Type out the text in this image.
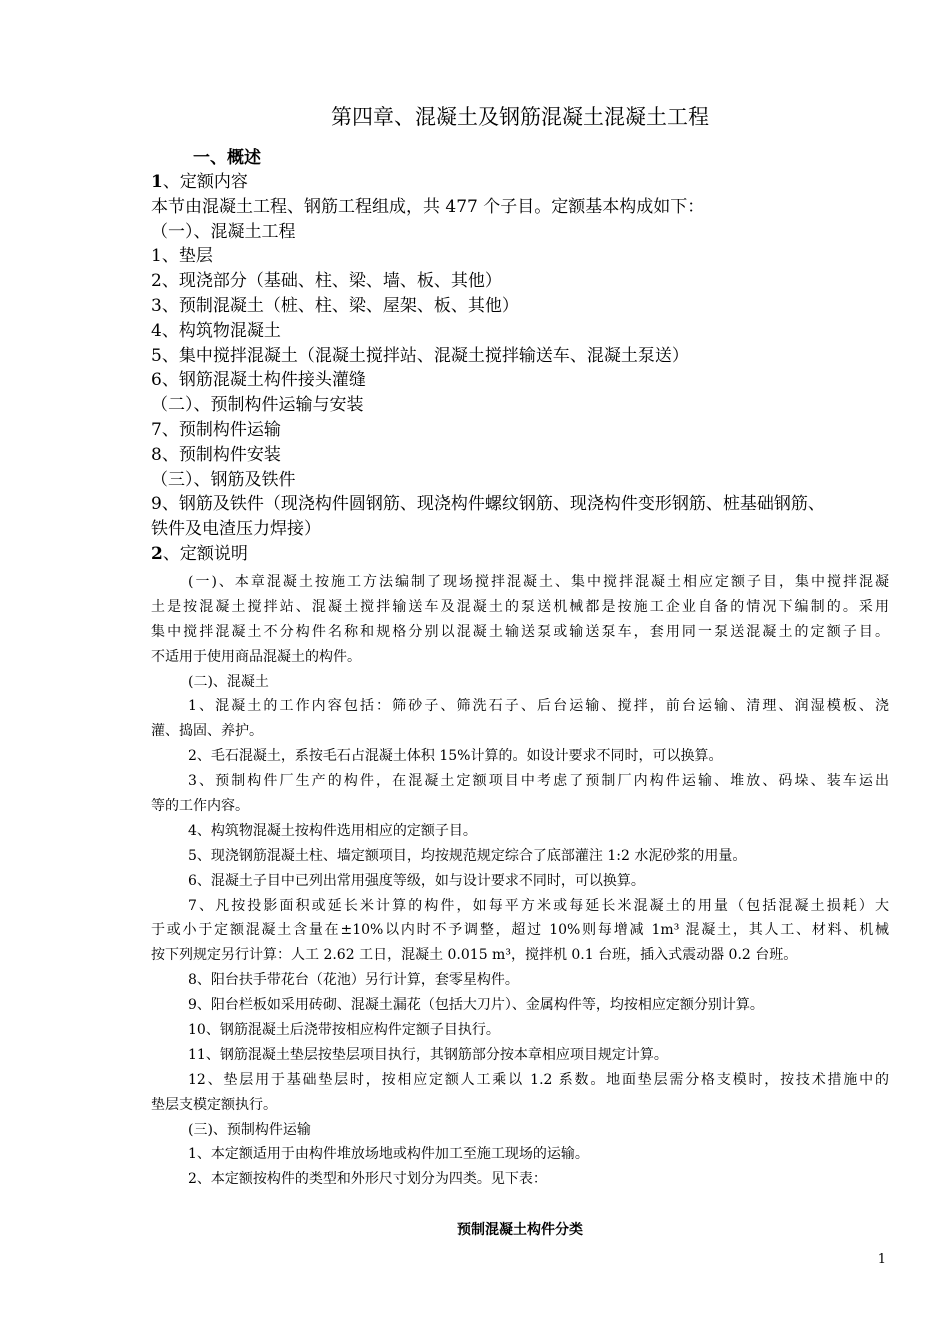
第四章、混凝土及钢筋混凝土混凝土工程
一、概述
1、定额内容
本节由混凝土工程、钢筋工程组成，共 477 个子目。定额基本构成如下：
（一）、混凝土工程
1、垫层
2、现浇部分（基础、柱、梁、墙、板、其他）
3、预制混凝土（桩、柱、梁、屋架、板、其他）
4、构筑物混凝土
5、集中搅拌混凝土（混凝土搅拌站、混凝土搅拌输送车、混凝土泵送）
6、钢筋混凝土构件接头灌缝
（二）、预制构件运输与安装
7、预制构件运输
8、预制构件安装
（三）、钢筋及铁件
9、钢筋及铁件（现浇构件圆钢筋、现浇构件螺纹钢筋、现浇构件变形钢筋、桩基础钢筋、
铁件及电渣压力焊接）
2、定额说明
(一)、本章混凝土按施工方法编制了现场搅拌混凝土、集中搅拌混凝土相应定额子目，集中搅拌混凝
土是按混凝土搅拌站、混凝土搅拌输送车及混凝土的泵送机械都是按施工企业自备的情况下编制的。采用
集中搅拌混凝土不分构件名称和规格分别以混凝土输送泵或输送泵车，套用同一泵送混凝土的定额子目。
不适用于使用商品混凝土的构件。
(二)、混凝土
1、混凝土的工作内容包括：筛砂子、筛洗石子、后台运输、搅拌，前台运输、清理、润湿模板、浇
灌、捣固、养护。
2、毛石混凝土，系按毛石占混凝土体积 15%计算的。如设计要求不同时，可以换算。
3、预制构件厂生产的构件，在混凝土定额项目中考虑了预制厂内构件运输、堆放、码垛、装车运出
等的工作内容。
4、构筑物混凝土按构件选用相应的定额子目。
5、现浇钢筋混凝土柱、墙定额项目，均按规范规定综合了底部灌注 1:2 水泥砂浆的用量。
6、混凝土子目中已列出常用强度等级，如与设计要求不同时，可以换算。
7、凡按投影面积或延长米计算的构件，如每平方米或每延长米混凝土的用量（包括混凝土损耗）大
于或小于定额混凝土含量在±10%以内时不予调整，超过 10%则每增减 1m³ 混凝土，其人工、材料、机械
按下列规定另行计算：人工 2.62 工日，混凝土 0.015 m³，搅拌机 0.1 台班，插入式震动器 0.2 台班。
8、阳台扶手带花台（花池）另行计算，套零星构件。
9、阳台栏板如采用砖砌、混凝土漏花（包括大刀片）、金属构件等，均按相应定额分别计算。
10、钢筋混凝土后浇带按相应构件定额子目执行。
11、钢筋混凝土垫层按垫层项目执行，其钢筋部分按本章相应项目规定计算。
12、垫层用于基础垫层时，按相应定额人工乘以 1.2 系数。地面垫层需分格支模时，按技术措施中的
垫层支模定额执行。
(三)、预制构件运输
1、本定额适用于由构件堆放场地或构件加工至施工现场的运输。
2、本定额按构件的类型和外形尺寸划分为四类。见下表：
预制混凝土构件分类
1
